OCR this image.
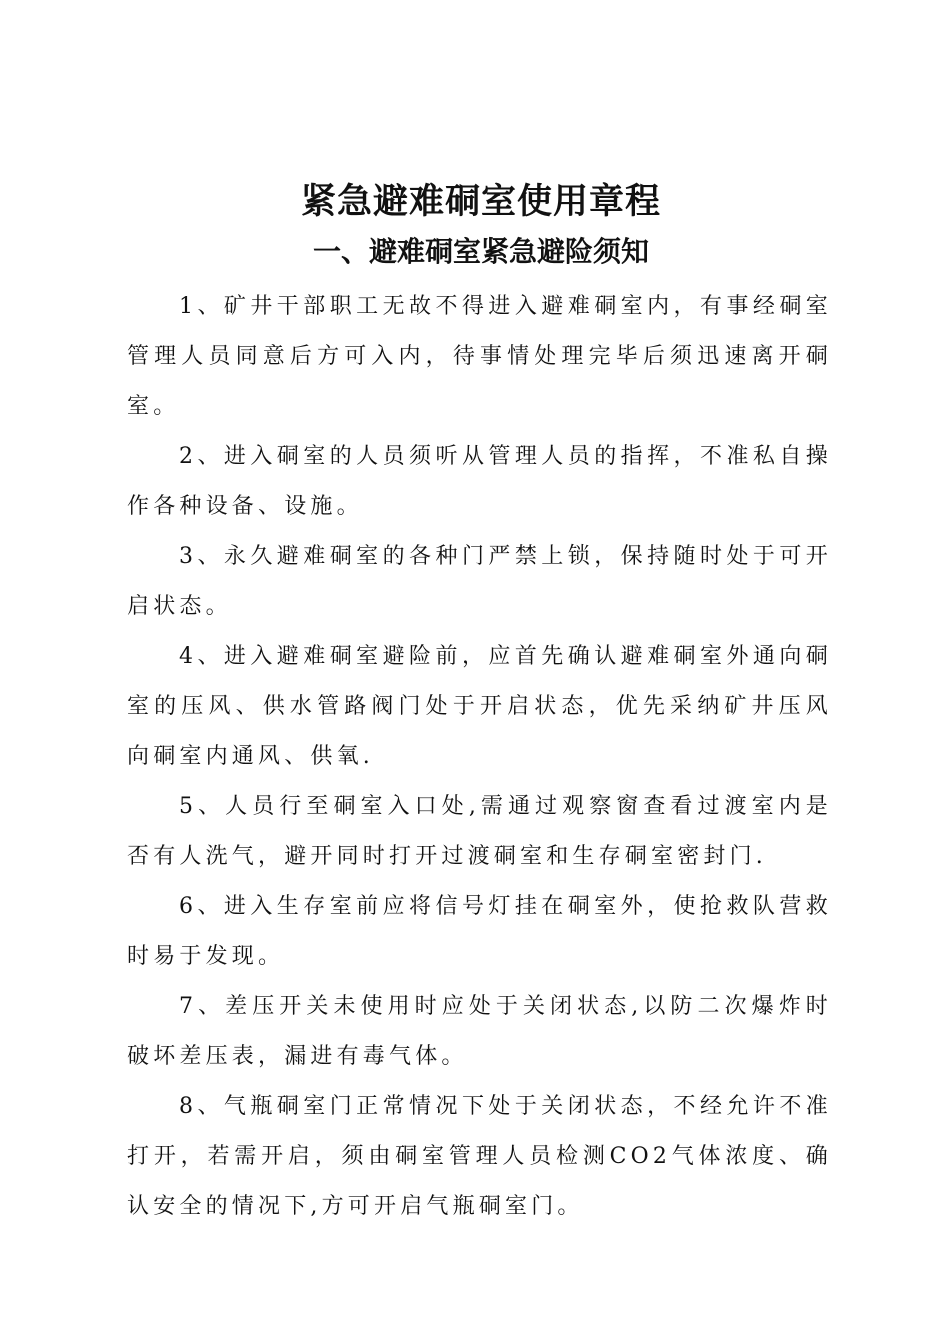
紧急避难硐室使用章程
一、避难硐室紧急避险须知

1、矿井干部职工无故不得进入避难硐室内，有事经硐室管理人员同意后方可入内，待事情处理完毕后须迅速离开硐室。

2、进入硐室的人员须听从管理人员的指挥，不准私自操作各种设备、设施。

3、永久避难硐室的各种门严禁上锁，保持随时处于可开启状态。

4、进入避难硐室避险前，应首先确认避难硐室外通向硐室的压风、供水管路阀门处于开启状态，优先采纳矿井压风向硐室内通风、供氧.

5、人员行至硐室入口处,需通过观察窗查看过渡室内是否有人洗气，避开同时打开过渡硐室和生存硐室密封门.

6、进入生存室前应将信号灯挂在硐室外，使抢救队营救时易于发现。

7、差压开关未使用时应处于关闭状态,以防二次爆炸时破坏差压表，漏进有毒气体。

8、气瓶硐室门正常情况下处于关闭状态，不经允许不准打开，若需开启，须由硐室管理人员检测CO2气体浓度、确认安全的情况下,方可开启气瓶硐室门。
